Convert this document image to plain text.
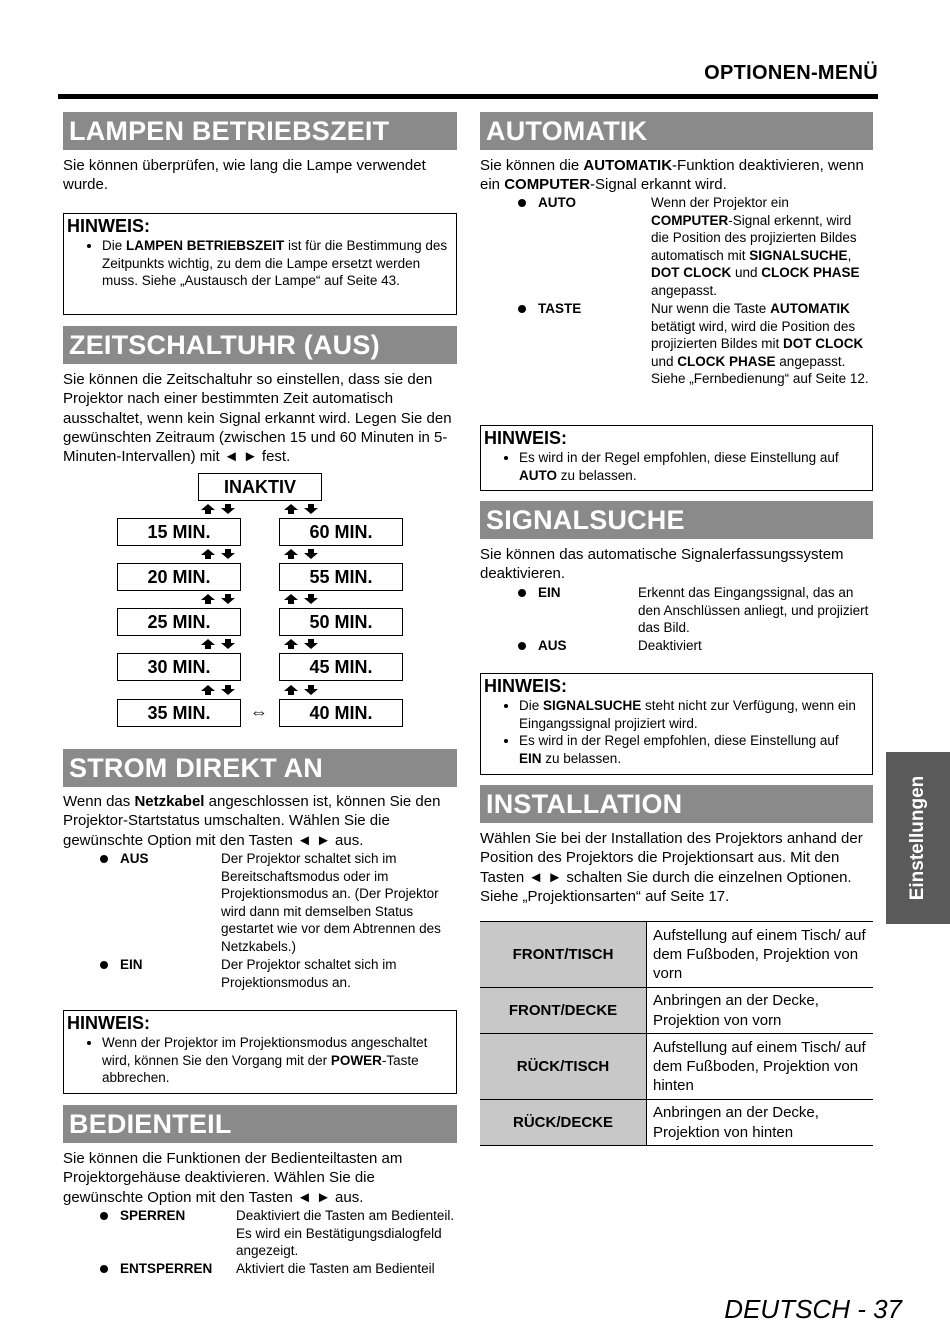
OPTIONEN-MENÜ
LAMPEN BETRIEBSZEIT
Sie können überprüfen, wie lang die Lampe verwendet wurde.
HINWEIS:
• Die LAMPEN BETRIEBSZEIT ist für die Bestimmung des Zeitpunkts wichtig, zu dem die Lampe ersetzt werden muss. Siehe „Austausch der Lampe“ auf Seite 43.
ZEITSCHALTUHR (AUS)
Sie können die Zeitschaltuhr so einstellen, dass sie den Projektor nach einer bestimmten Zeit automatisch ausschaltet, wenn kein Signal erkannt wird. Legen Sie den gewünschten Zeitraum (zwischen 15 und 60 Minuten in 5-Minuten-Intervallen) mit ◄ ► fest.
INAKTIV
15 MIN.
20 MIN.
25 MIN.
30 MIN.
35 MIN.
60 MIN.
55 MIN.
50 MIN.
45 MIN.
40 MIN.
⇔
STROM DIREKT AN
Wenn das Netzkabel angeschlossen ist, können Sie den Projektor-Startstatus umschalten. Wählen Sie die gewünschte Option mit den Tasten ◄ ► aus.
AUS	Der Projektor schaltet sich im Bereitschaftsmodus oder im Projektionsmodus an. (Der Projektor wird dann mit demselben Status gestartet wie vor dem Abtrennen des Netzkabels.)
EIN	Der Projektor schaltet sich im Projektionsmodus an.
HINWEIS:
• Wenn der Projektor im Projektionsmodus angeschaltet wird, können Sie den Vorgang mit der POWER-Taste abbrechen.
BEDIENTEIL
Sie können die Funktionen der Bedienteiltasten am Projektorgehäuse deaktivieren. Wählen Sie die gewünschte Option mit den Tasten ◄ ► aus.
SPERREN	Deaktiviert die Tasten am Bedienteil. Es wird ein Bestätigungsdialogfeld angezeigt.
ENTSPERREN Aktiviert die Tasten am Bedienteil
AUTOMATIK
Sie können die AUTOMATIK-Funktion deaktivieren, wenn ein COMPUTER-Signal erkannt wird.
AUTO	Wenn der Projektor ein COMPUTER-Signal erkennt, wird die Position des projizierten Bildes automatisch mit SIGNALSUCHE, DOT CLOCK und CLOCK PHASE angepasst.
TASTE	Nur wenn die Taste AUTOMATIK betätigt wird, wird die Position des projizierten Bildes mit DOT CLOCK und CLOCK PHASE angepasst. Siehe „Fernbedienung“ auf Seite 12.
HINWEIS:
• Es wird in der Regel empfohlen, diese Einstellung auf AUTO zu belassen.
SIGNALSUCHE
Sie können das automatische Signalerfassungssystem deaktivieren.
EIN	Erkennt das Eingangssignal, das an den Anschlüssen anliegt, und projiziert das Bild.
AUS	Deaktiviert
HINWEIS:
• Die SIGNALSUCHE steht nicht zur Verfügung, wenn ein Eingangssignal projiziert wird.
• Es wird in der Regel empfohlen, diese Einstellung auf EIN zu belassen.
INSTALLATION
Wählen Sie bei der Installation des Projektors anhand der Position des Projektors die Projektionsart aus. Mit den Tasten ◄ ► schalten Sie durch die einzelnen Optionen. Siehe „Projektionsarten“ auf Seite 17.
FRONT/TISCH	Aufstellung auf einem Tisch/ auf dem Fußboden, Projektion von vorn
FRONT/DECKE	Anbringen an der Decke, Projektion von vorn
RÜCK/TISCH	Aufstellung auf einem Tisch/ auf dem Fußboden, Projektion von hinten
RÜCK/DECKE	Anbringen an der Decke, Projektion von hinten
Einstellungen
DEUTSCH - 37
